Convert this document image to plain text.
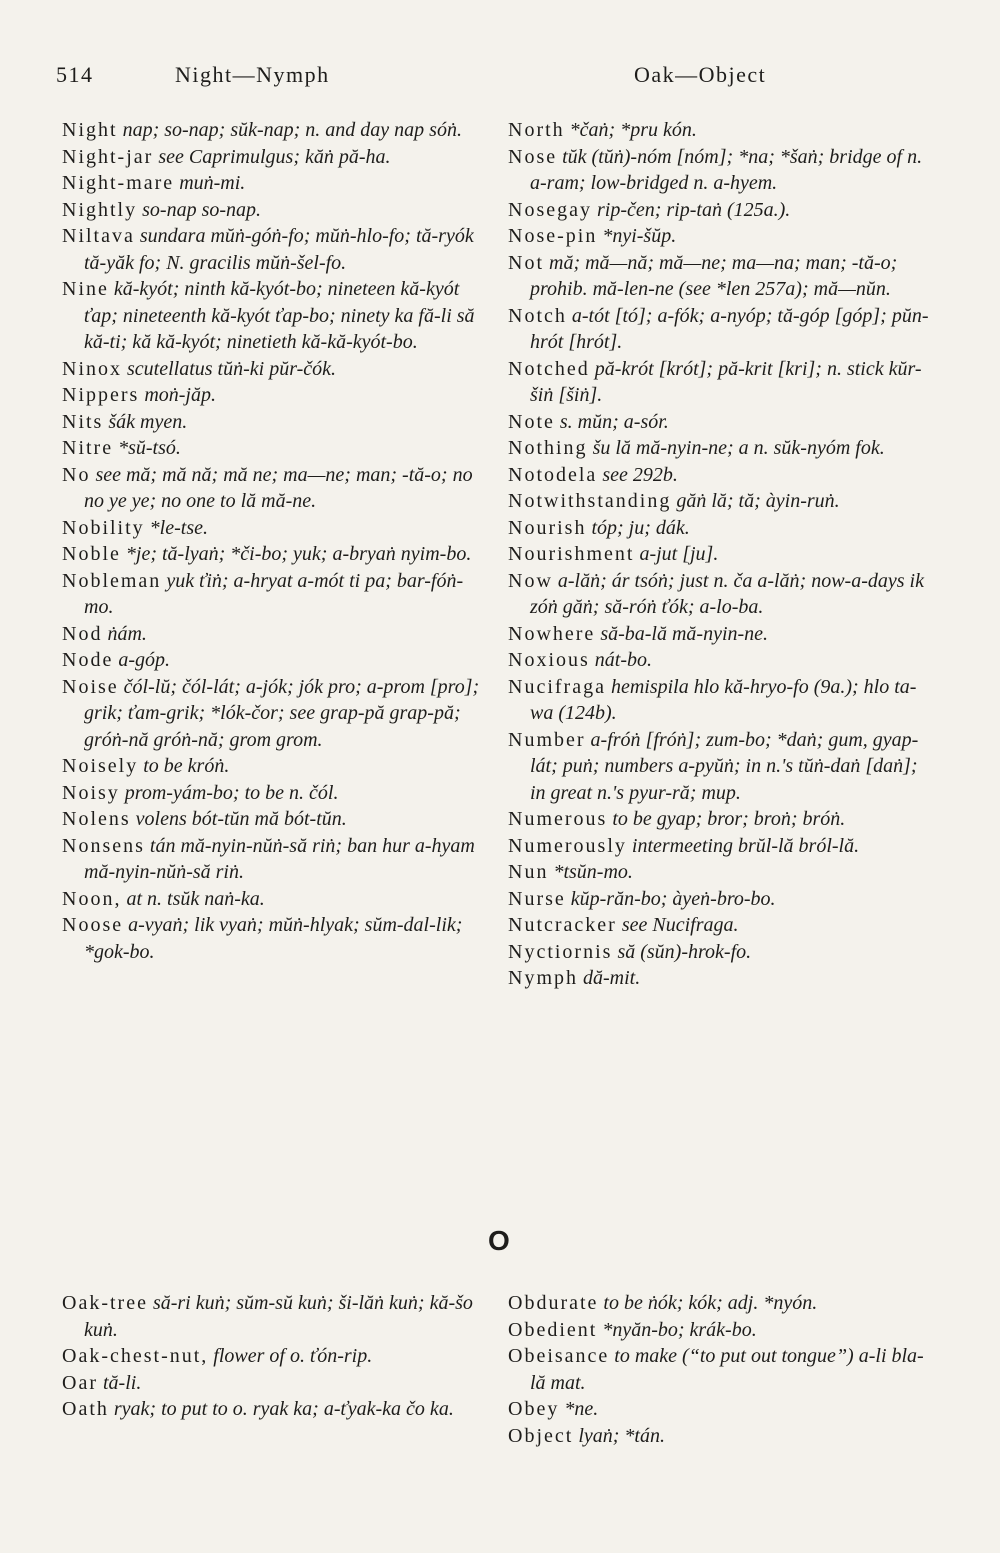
514	Night—Nymph	Oak—Object
Night nap; so-nap; sŭk-nap; n. and day nap sóṅ.
Night-jar see Caprimulgus; kăṅ pă-ha.
Night-mare muṅ-mi.
Nightly so-nap so-nap.
Niltava sundara mŭṅ-góṅ-fo; mŭṅ-hlo-fo; tă-ryók tă-yăk fo; N. gracilis mŭṅ-šel-fo.
Nine kă-kyót; ninth kă-kyót-bo; nineteen kă-kyót ťap; nineteenth kă-kyót ťap-bo; ninety ka fă-li să kă-ti; kă kă-kyót; ninetieth kă-kă-kyót-bo.
Ninox scutellatus tŭṅ-ki pŭr-čók.
Nippers moṅ-jăp.
Nits šák myen.
Nitre *sŭ-tsó.
No see mă; mă nă; mă ne; ma—ne; man; -tă-o; no no ye ye; no one to lă mă-ne.
Nobility *le-tse.
Noble *je; tă-lyaṅ; *či-bo; yuk; a-bryaṅ nyim-bo.
Nobleman yuk ťiṅ; a-hryat a-mót ti pa; bar-fóṅ-mo.
Nod ṅám.
Node a-góp.
Noise čól-lŭ; čól-lát; a-jók; jók pro; a-prom [pro]; grik; ťam-grik; *lók-čor; see grap-pă grap-pă; gróṅ-nă gróṅ-nă; grom grom.
Noisely to be króṅ.
Noisy prom-yám-bo; to be n. čól.
Nolens volens bót-tŭn mă bót-tŭn.
Nonsens tán mă-nyin-nŭṅ-să riṅ; ban hur a-hyam mă-nyin-nŭṅ-să riṅ.
Noon, at n. tsŭk naṅ-ka.
Noose a-vyaṅ; lik vyaṅ; mŭṅ-hlyak; sŭm-dal-lik; *gok-bo.
North *čaṅ; *pru kón.
Nose tŭk (tŭṅ)-nóm [nóm]; *na; *šaṅ; bridge of n. a-ram; low-bridged n. a-hyem.
Nosegay rip-čen; rip-taṅ (125a.).
Nose-pin *nyi-šŭp.
Not mă; mă—nă; mă—ne; ma—na; man; -tă-o; prohib. mă-len-ne (see *len 257a); mă—nŭn.
Notch a-tót [tó]; a-fók; a-nyóp; tă-góp [góp]; pŭn-hrót [hrót].
Notched pă-krót [krót]; pă-krit [kri]; n. stick kŭr-šiṅ [šiṅ].
Note s. mŭn; a-sór.
Nothing šu lă mă-nyin-ne; a n. sŭk-nyóm fok.
Notodela see 292b.
Notwithstanding găṅ lă; tă; àyin-ruṅ.
Nourish tóp; ju; dák.
Nourishment a-jut [ju].
Now a-lăṅ; ár tsóṅ; just n. ča a-lăṅ; now-a-days ik zóṅ găṅ; să-róṅ ťók; a-lo-ba.
Nowhere să-ba-lă mă-nyin-ne.
Noxious nát-bo.
Nucifraga hemispila hlo kă-hryo-fo (9a.); hlo ta-wa (124b).
Number a-fróṅ [fróṅ]; zum-bo; *daṅ; gum, gyap-lát; puṅ; numbers a-pyŭṅ; in n.'s tŭṅ-daṅ [daṅ]; in great n.'s pyur-ră; mup.
Numerous to be gyap; bror; broṅ; bróṅ.
Numerously intermeeting brŭl-lă bról-lă.
Nun *tsŭn-mo.
Nurse kŭp-răn-bo; àyeṅ-bro-bo.
Nutcracker see Nucifraga.
Nyctiornis să (sŭn)-hrok-fo.
Nymph dă-mit.
O
Oak-tree să-ri kuṅ; sŭm-sŭ kuṅ; ši-lăṅ kuṅ; kă-šo kuṅ.
Oak-chest-nut, flower of o. ťón-rip.
Oar tă-li.
Oath ryak; to put to o. ryak ka; a-ťyak-ka čo ka.
Obdurate to be ṅók; kók; adj. *nyón.
Obedient *nyăn-bo; krák-bo.
Obeisance to make (“to put out tongue”) a-li bla-lă mat.
Obey *ne.
Object lyaṅ; *tán.
